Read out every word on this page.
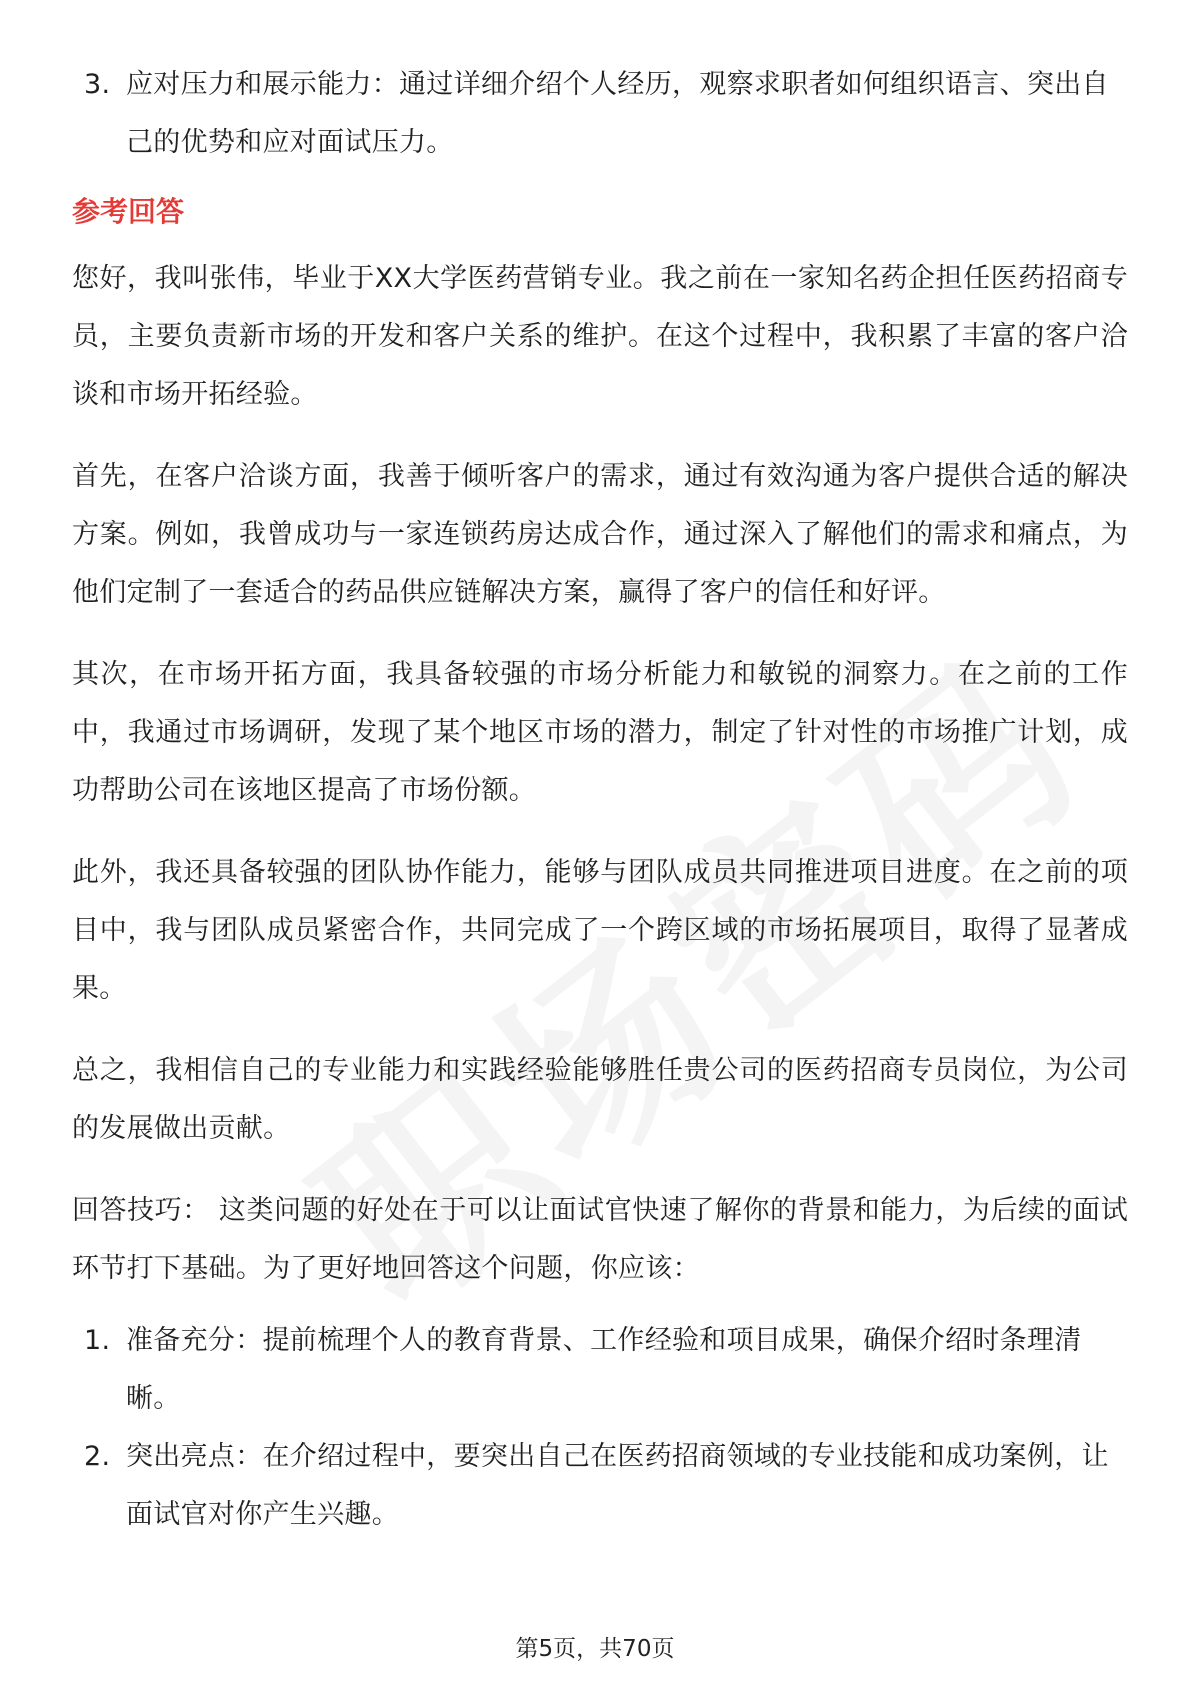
3. 应对压力和展示能力：通过详细介绍个人经历，观察求职者如何组织语言、突出自己的优势和应对面试压力。
参考回答

您好，我叫张伟，毕业于XX大学医药营销专业。我之前在一家知名药企担任医药招商专员，主要负责新市场的开发和客户关系的维护。在这个过程中，我积累了丰富的客户洽谈和市场开拓经验。

首先，在客户洽谈方面，我善于倾听客户的需求，通过有效沟通为客户提供合适的解决方案。例如，我曾成功与一家连锁药房达成合作，通过深入了解他们的需求和痛点，为他们定制了一套适合的药品供应链解决方案，赢得了客户的信任和好评。

其次，在市场开拓方面，我具备较强的市场分析能力和敏锐的洞察力。在之前的工作中，我通过市场调研，发现了某个地区市场的潜力，制定了针对性的市场推广计划，成功帮助公司在该地区提高了市场份额。

此外，我还具备较强的团队协作能力，能够与团队成员共同推进项目进度。在之前的项目中，我与团队成员紧密合作，共同完成了一个跨区域的市场拓展项目，取得了显著成果。

总之，我相信自己的专业能力和实践经验能够胜任贵公司的医药招商专员岗位，为公司的发展做出贡献。

回答技巧： 这类问题的好处在于可以让面试官快速了解你的背景和能力，为后续的面试环节打下基础。为了更好地回答这个问题，你应该：

1. 准备充分：提前梳理个人的教育背景、工作经验和项目成果，确保介绍时条理清晰。
2. 突出亮点：在介绍过程中，要突出自己在医药招商领域的专业技能和成功案例，让面试官对你产生兴趣。
第5页，共70页
